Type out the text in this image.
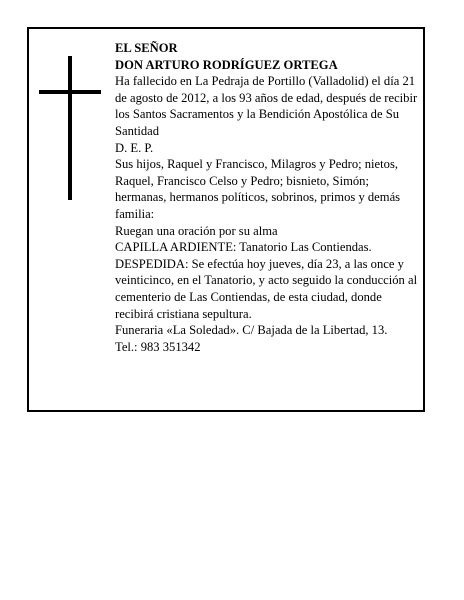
EL SEÑOR

DON ARTURO RODRÍGUEZ ORTEGA

Ha fallecido en La Pedraja de Portillo (Valladolid) el día 21 de agosto de 2012, a los 93 años de edad, después de recibir los Santos Sacramentos y la Bendición Apostólica de Su Santidad

D. E. P.

Sus hijos, Raquel y Francisco, Milagros y Pedro; nietos, Raquel, Francisco Celso y Pedro; bisnieto, Simón; hermanas, hermanos políticos, sobrinos, primos y demás familia:

Ruegan una oración por su alma

CAPILLA ARDIENTE: Tanatorio Las Contiendas.

DESPEDIDA: Se efectúa hoy jueves, día 23, a las once y veinticinco, en el Tanatorio, y acto seguido la conducción al cementerio de Las Contiendas, de esta ciudad, donde recibirá cristiana sepultura.

Funeraria «La Soledad». C/ Bajada de la Libertad, 13.

Tel.: 983 351342
